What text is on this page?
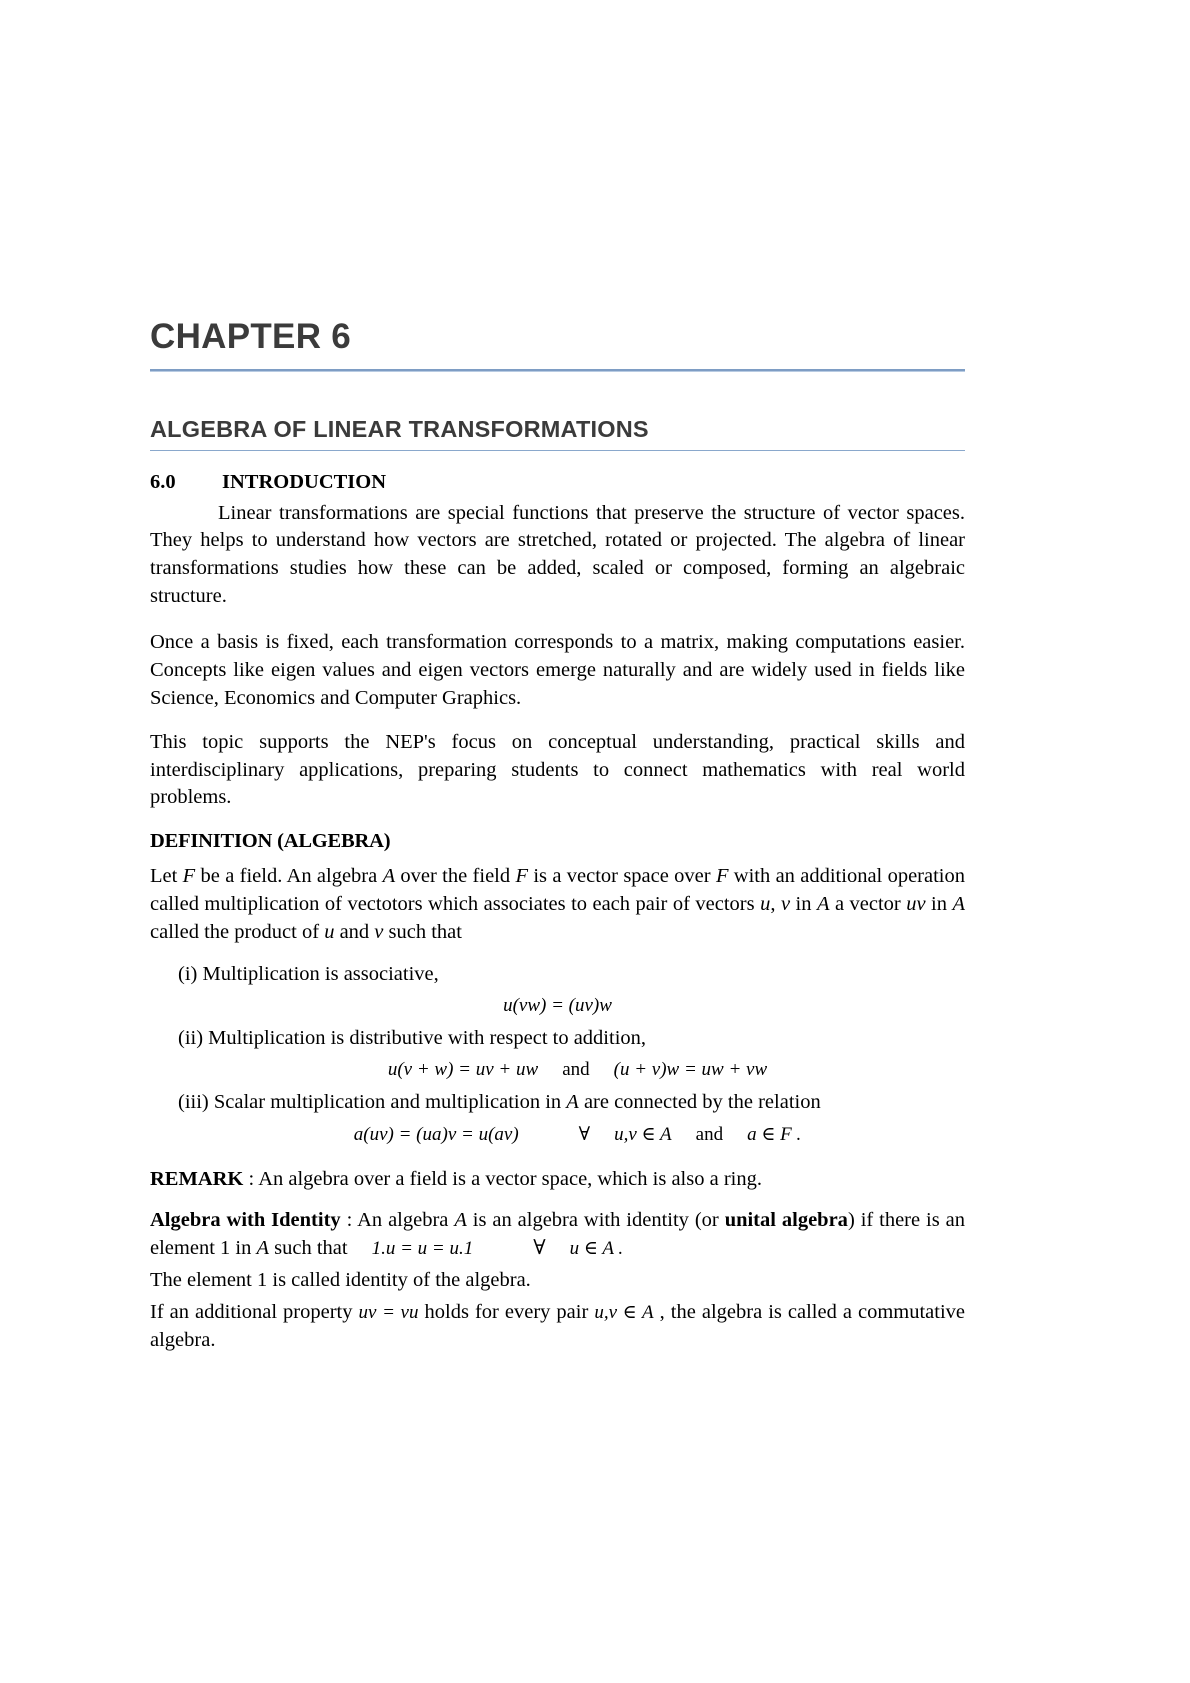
CHAPTER 6
ALGEBRA OF LINEAR TRANSFORMATIONS
6.0	INTRODUCTION

Linear transformations are special functions that preserve the structure of vector spaces. They helps to understand how vectors are stretched, rotated or projected. The algebra of linear transformations studies how these can be added, scaled or composed, forming an algebraic structure.

Once a basis is fixed, each transformation corresponds to a matrix, making computations easier. Concepts like eigen values and eigen vectors emerge naturally and are widely used in fields like Science, Economics and Computer Graphics.

This topic supports the NEP's focus on conceptual understanding, practical skills and interdisciplinary applications, preparing students to connect mathematics with real world problems.

DEFINITION (ALGEBRA)

Let F be a field. An algebra A over the field F is a vector space over F with an additional operation called multiplication of vectotors which associates to each pair of vectors u, v in A a vector uv in A called the product of u and v such that

(i) Multiplication is associative,
u(vw) = (uv)w
(ii) Multiplication is distributive with respect to addition,
u(v + w) = uv + uw and (u + v)w = uw + vw
(iii) Scalar multiplication and multiplication in A are connected by the relation
a(uv) = (ua)v = u(av)	∀ u,v ∈ A and a ∈ F .

REMARK : An algebra over a field is a vector space, which is also a ring.

Algebra with Identity : An algebra A is an algebra with identity (or unital algebra) if there is an element 1 in A such that 1.u = u = u.1	∀ u ∈ A .

The element 1 is called identity of the algebra.

If an additional property uv = vu holds for every pair u,v ∈ A , the algebra is called a commutative algebra.
